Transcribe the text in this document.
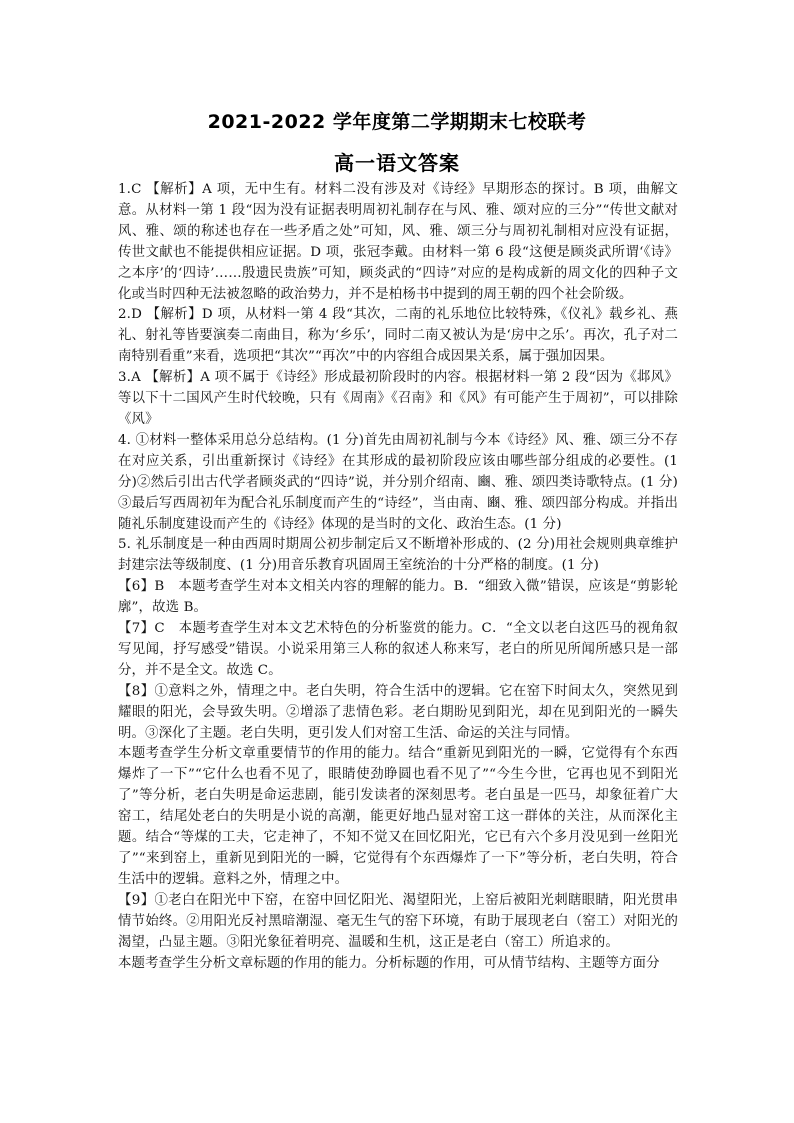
2021-2022 学年度第二学期期末七校联考
高一语文答案

1.C 【解析】A 项，无中生有。材料二没有涉及对《诗经》早期形态的探讨。B 项，曲解文意。从材料一第 1 段“因为没有证据表明周初礼制存在与风、雅、颂对应的三分”“传世文献对风、雅、颂的称述也存在一些矛盾之处”可知，风、雅、颂三分与周初礼制相对应没有证据，传世文献也不能提供相应证据。D 项，张冠李戴。由材料一第 6 段“这便是顾炎武所谓‘《诗》之本序’的‘四诗’……殷遗民贵族”可知，顾炎武的“四诗”对应的是构成新的周文化的四种子文化或当时四种无法被忽略的政治势力，并不是柏杨书中提到的周王朝的四个社会阶级。

2.D 【解析】D 项，从材料一第 4 段“其次，二南的礼乐地位比较特殊，《仪礼》载乡礼、燕礼、射礼等皆要演奏二南曲目，称为‘乡乐’，同时二南又被认为是‘房中之乐’。再次，孔子对二南特别看重”来看，选项把“其次”“再次”中的内容组合成因果关系，属于强加因果。

3.A 【解析】A 项不属于《诗经》形成最初阶段时的内容。根据材料一第 2 段“因为《邶风》等以下十二国风产生时代较晚，只有《周南》《召南》和《风》有可能产生于周初”，可以排除《风》

4. ①材料一整体采用总分总结构。(1 分)首先由周初礼制与今本《诗经》风、雅、颂三分不存在对应关系，引出重新探讨《诗经》在其形成的最初阶段应该由哪些部分组成的必要性。(1 分)②然后引出古代学者顾炎武的“四诗”说，并分别介绍南、豳、雅、颂四类诗歌特点。(1 分)③最后写西周初年为配合礼乐制度而产生的“诗经”，当由南、豳、雅、颂四部分构成。并指出随礼乐制度建设而产生的《诗经》体现的是当时的文化、政治生态。(1 分)

5. 礼乐制度是一种由西周时期周公初步制定后又不断增补形成的、(2 分)用社会规则典章维护封建宗法等级制度、(1 分)用音乐教育巩固周王室统治的十分严格的制度。(1 分)

【6】B　本题考查学生对本文相关内容的理解的能力。B．“细致入微”错误，应该是“剪影轮廓”，故选 B。

【7】C　本题考查学生对本文艺术特色的分析鉴赏的能力。C．“全文以老白这匹马的视角叙写见闻，抒写感受”错误。小说采用第三人称的叙述人称来写，老白的所见所闻所感只是一部分，并不是全文。故选 C。

【8】①意料之外，情理之中。老白失明，符合生活中的逻辑。它在窑下时间太久，突然见到耀眼的阳光，会导致失明。②增添了悲情色彩。老白期盼见到阳光，却在见到阳光的一瞬失明。③深化了主题。老白失明，更引发人们对窑工生活、命运的关注与同情。

本题考查学生分析文章重要情节的作用的能力。结合“重新见到阳光的一瞬，它觉得有个东西爆炸了一下”“它什么也看不见了，眼睛使劲睁圆也看不见了”“今生今世，它再也见不到阳光了”等分析，老白失明是命运悲剧，能引发读者的深刻思考。老白虽是一匹马，却象征着广大窑工，结尾处老白的失明是小说的高潮，能更好地凸显对窑工这一群体的关注，从而深化主题。结合“等煤的工夫，它走神了，不知不觉又在回忆阳光，它已有六个多月没见到一丝阳光了”“来到窑上，重新见到阳光的一瞬，它觉得有个东西爆炸了一下”等分析，老白失明，符合生活中的逻辑。意料之外，情理之中。

【9】①老白在阳光中下窑，在窑中回忆阳光、渴望阳光，上窑后被阳光刺瞎眼睛，阳光贯串情节始终。②用阳光反衬黑暗潮湿、毫无生气的窑下环境，有助于展现老白（窑工）对阳光的渴望，凸显主题。③阳光象征着明亮、温暖和生机，这正是老白（窑工）所追求的。

本题考查学生分析文章标题的作用的能力。分析标题的作用，可从情节结构、主题等方面分
